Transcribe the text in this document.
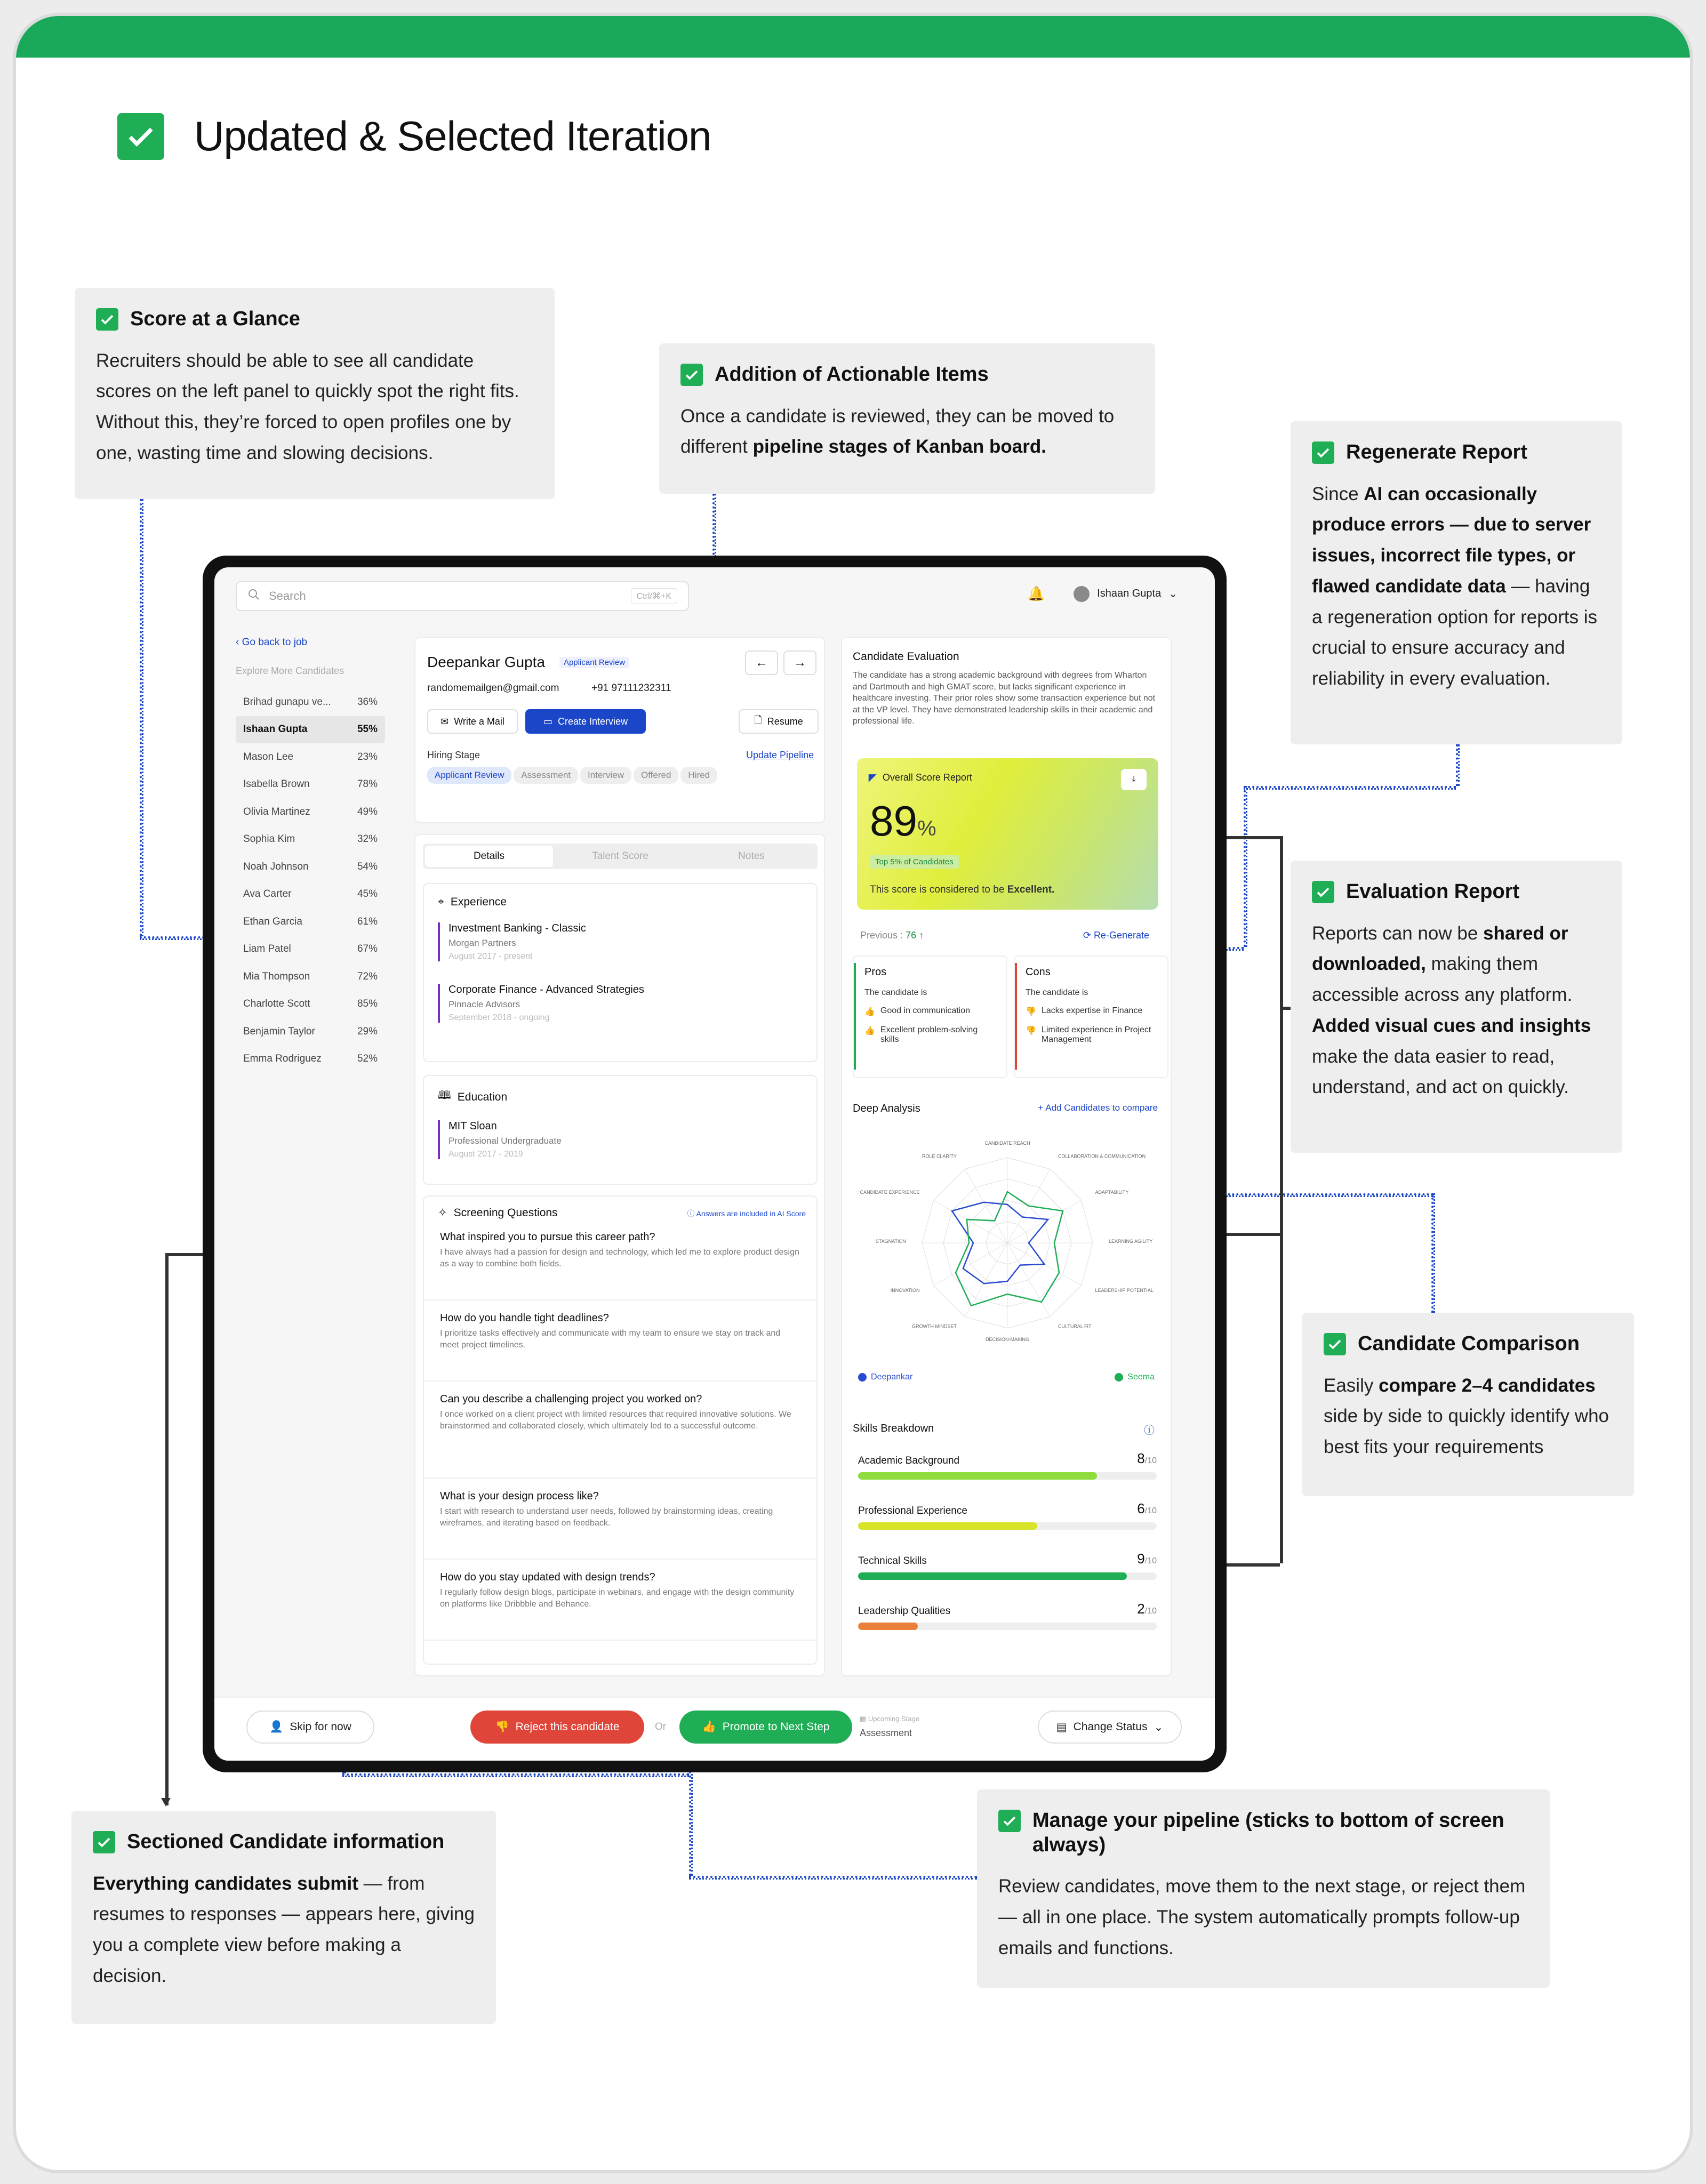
Updated & Selected Iteration
Score at a Glance
Recruiters should be able to see all candidate scores on the left panel to quickly spot the right fits. Without this, they’re forced to open profiles one by one, wasting time and slowing decisions.
Addition of Actionable Items
Once a candidate is reviewed, they can be moved to different pipeline stages of Kanban board.	Regenerate Report
Since AI can occasionally produce errors — due to server issues, incorrect file types, or flawed candidate data — having a regeneration option for reports is crucial to ensure accuracy and reliability in every evaluation.
Evaluation Report
Reports can now be shared or downloaded, making them accessible across any platform. Added visual cues and insights make the data easier to read, understand, and act on quickly.
Candidate Comparison
Easily compare 2–4 candidates side by side to quickly identify who best fits your requirements
Sectioned Candidate information
Everything candidates submit — from resumes to responses — appears here, giving you a complete view before making a decision.
Manage your pipeline (sticks to bottom of screen always)
Review candidates, move them to the next stage, or reject them — all in one place. The system automatically prompts follow-up emails and functions.
Search	Ctrl/⌘+K	🔔	Ishaan Gupta ⌄
‹ Go back to job
Explore More Candidates
Brihad gunapu ve...	36%
Ishaan Gupta	55%
Mason Lee	23%
Isabella Brown	78%
Olivia Martinez	49%
Sophia Kim	32%
Noah Johnson	54%
Ava Carter	45%
Ethan Garcia	61%
Liam Patel	67%
Mia Thompson	72%
Charlotte Scott	85%
Benjamin Taylor	29%
Emma Rodriguez	52%
Deepankar Gupta	Applicant Review
randomemailgen@gmail.com	+91 97111232311
← →
✉ Write a Mail	▭ Create Interview	🗋 Resume
Hiring Stage	Update Pipeline
Applicant Review Assessment Interview Offered Hired
Details	Talent Score	Notes
⌖ Experience
Investment Banking - Classic
Morgan Partners
August 2017 - present
Corporate Finance - Advanced Strategies
Pinnacle Advisors
September 2018 - ongoing
🕮 Education
MIT Sloan
Professional Undergraduate
August 2017 - 2019
✧ Screening Questions	ⓘ Answers are included in AI Score
What inspired you to pursue this career path?
I have always had a passion for design and technology, which led me to explore product design as a way to combine both fields.
How do you handle tight deadlines?
I prioritize tasks effectively and communicate with my team to ensure we stay on track and meet project timelines.
Can you describe a challenging project you worked on?
I once worked on a client project with limited resources that required innovative solutions. We brainstormed and collaborated closely, which ultimately led to a successful outcome.
What is your design process like?
I start with research to understand user needs, followed by brainstorming ideas, creating wireframes, and iterating based on feedback.
How do you stay updated with design trends?
I regularly follow design blogs, participate in webinars, and engage with the design community on platforms like Dribbble and Behance.
Candidate Evaluation
The candidate has a strong academic background with degrees from Wharton and Dartmouth and high GMAT score, but lacks significant experience in healthcare investing. Their prior roles show some transaction experience but not at the VP level. They have demonstrated leadership skills in their academic and professional life.
◤ Overall Score Report	⤓
89%
Top 5% of Candidates
This score is considered to be Excellent.
Previous : 76 ↑	⟳ Re-Generate
Pros
The candidate is
👍 Good in communication
👍 Excellent problem-solving skills
Cons
The candidate is
👎 Lacks expertise in Finance
👎 Limited experience in Project Management
Deep Analysis	+ Add Candidates to compare
CANDIDATE REACH
COLLABORATION & COMMUNICATION
ADAPTABILITY
LEARNING AGILITY
LEADERSHIP POTENTIAL
CULTURAL FIT
DECISION-MAKING
GROWTH MINDSET
INNOVATION
STAGNATION
CANDIDATE EXPERIENCE
ROLE CLARITY
Deepankar	Seema
Skills Breakdown	ⓘ
Academic Background	8/10
Professional Experience	6/10
Technical Skills	9/10
Leadership Qualities	2/10
👤 Skip for now	👎 Reject this candidate	Or	👍 Promote to Next Step
▦ Upcoming Stage
Assessment	▤ Change Status ⌄
